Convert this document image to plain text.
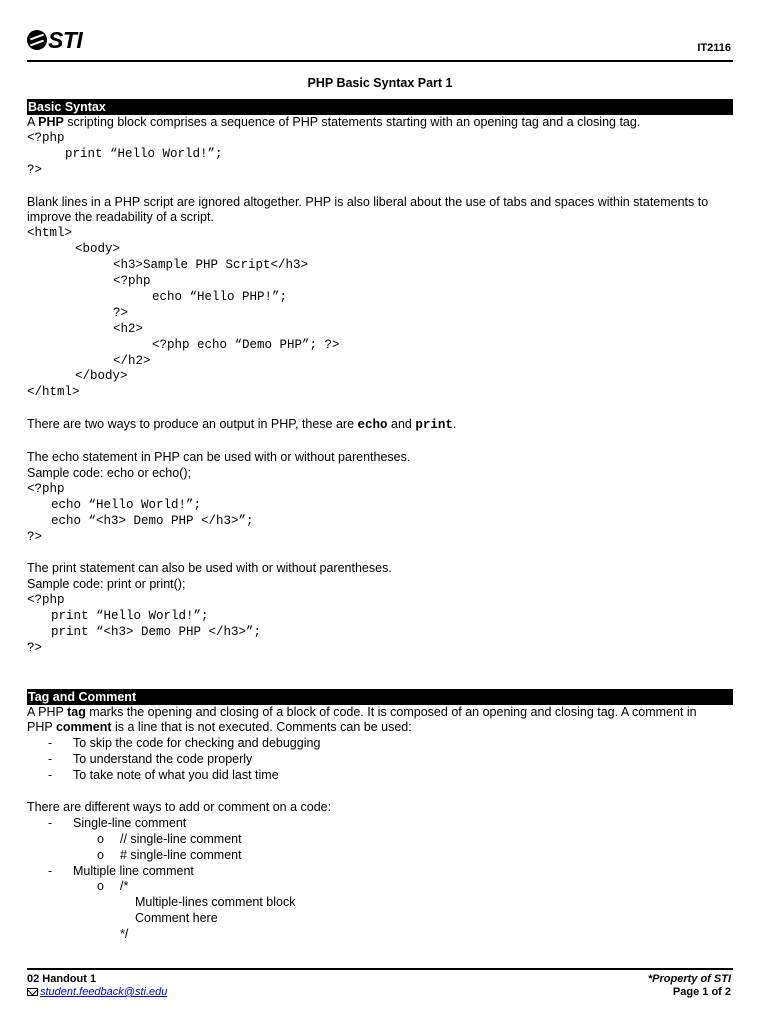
STI	IT2116
PHP Basic Syntax Part 1
Basic Syntax

A PHP scripting block comprises a sequence of PHP statements starting with an opening tag and a closing tag.

<?php
print “Hello World!”;
?>

Blank lines in a PHP script are ignored altogether. PHP is also liberal about the use of tabs and spaces within statements to improve the readability of a script.

<html>
<body>
<h3>Sample PHP Script</h3>
<?php
echo “Hello PHP!”;
?>
<h2>
<?php echo “Demo PHP”; ?>
</h2>
</body>
</html>

There are two ways to produce an output in PHP, these are echo and print.

The echo statement in PHP can be used with or without parentheses.

Sample code: echo or echo();

<?php
echo “Hello World!”;
echo “<h3> Demo PHP </h3>”;
?>

The print statement can also be used with or without parentheses.

Sample code: print or print();

<?php
print “Hello World!”;
print “<h3> Demo PHP </h3>”;
?>
Tag and Comment

A PHP tag marks the opening and closing of a block of code. It is composed of an opening and closing tag. A comment in

PHP comment is a line that is not executed. Comments can be used:

-	To skip the code for checking and debugging
-	To understand the code properly
-	To take note of what you did last time

There are different ways to add or comment on a code:

-	Single-line comment
o	// single-line comment
o	# single-line comment
-	Multiple line comment
o	/*

Multiple-lines comment block

Comment here

*/

02 Handout 1
student.feedback@sti.edu
*Property of STI
Page 1 of 2
